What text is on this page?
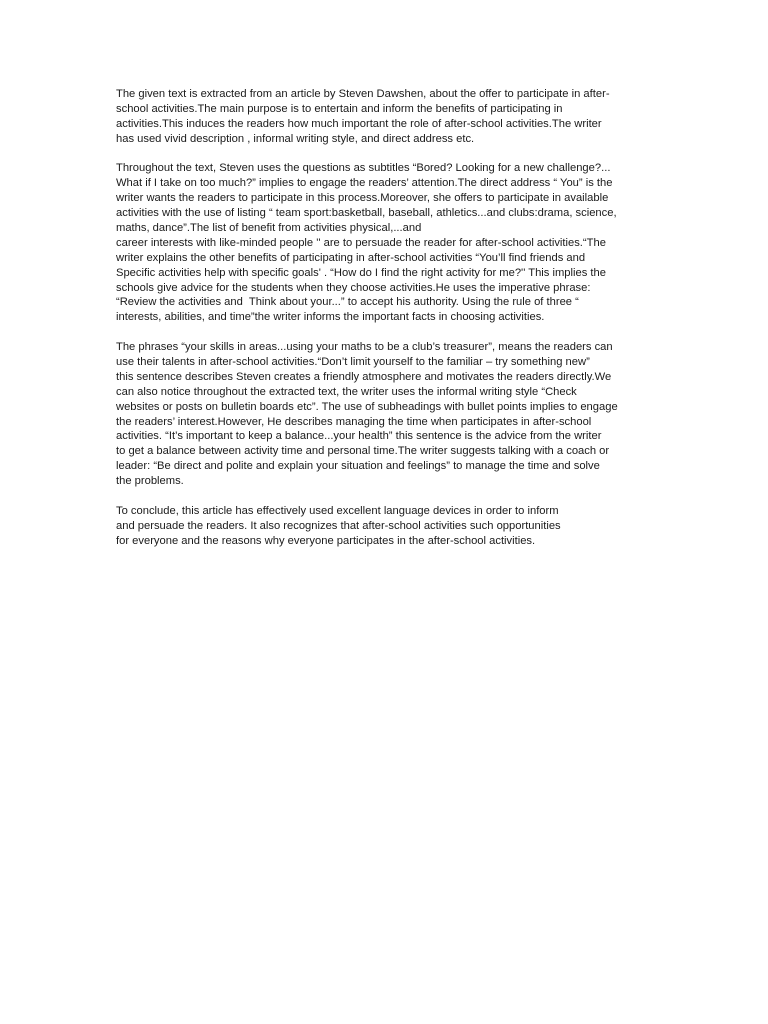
The given text is extracted from an article by Steven Dawshen, about the offer to participate in after-
school activities.The main purpose is to entertain and inform the benefits of participating in
activities.This induces the readers how much important the role of after-school activities.The writer
has used vivid description , informal writing style, and direct address etc.
Throughout the text, Steven uses the questions as subtitles “Bored? Looking for a new challenge?...
What if I take on too much?” implies to engage the readers’ attention.The direct address “ You” is the
writer wants the readers to participate in this process.Moreover, she offers to participate in available
activities with the use of listing “ team sport:basketball, baseball, athletics...and clubs:drama, science,
maths, dance”.The list of benefit from activities physical,...and
career interests with like-minded people '' are to persuade the reader for after-school activities.“The
writer explains the other benefits of participating in after-school activities “You’ll find friends and
Specific activities help with specific goals' . “How do I find the right activity for me?'' This implies the
schools give advice for the students when they choose activities.He uses the imperative phrase:
“Review the activities and  Think about your...” to accept his authority. Using the rule of three “
interests, abilities, and time”the writer informs the important facts in choosing activities.
The phrases “your skills in areas...using your maths to be a club’s treasurer”, means the readers can
use their talents in after-school activities.“Don’t limit yourself to the familiar – try something new”
this sentence describes Steven creates a friendly atmosphere and motivates the readers directly.We
can also notice throughout the extracted text, the writer uses the informal writing style “Check
websites or posts on bulletin boards etc”. The use of subheadings with bullet points implies to engage
the readers’ interest.However, He describes managing the time when participates in after-school
activities. “It’s important to keep a balance...your health” this sentence is the advice from the writer
to get a balance between activity time and personal time.The writer suggests talking with a coach or
leader: “Be direct and polite and explain your situation and feelings” to manage the time and solve
the problems.
To conclude, this article has effectively used excellent language devices in order to inform
and persuade the readers. It also recognizes that after-school activities such opportunities
for everyone and the reasons why everyone participates in the after-school activities.
